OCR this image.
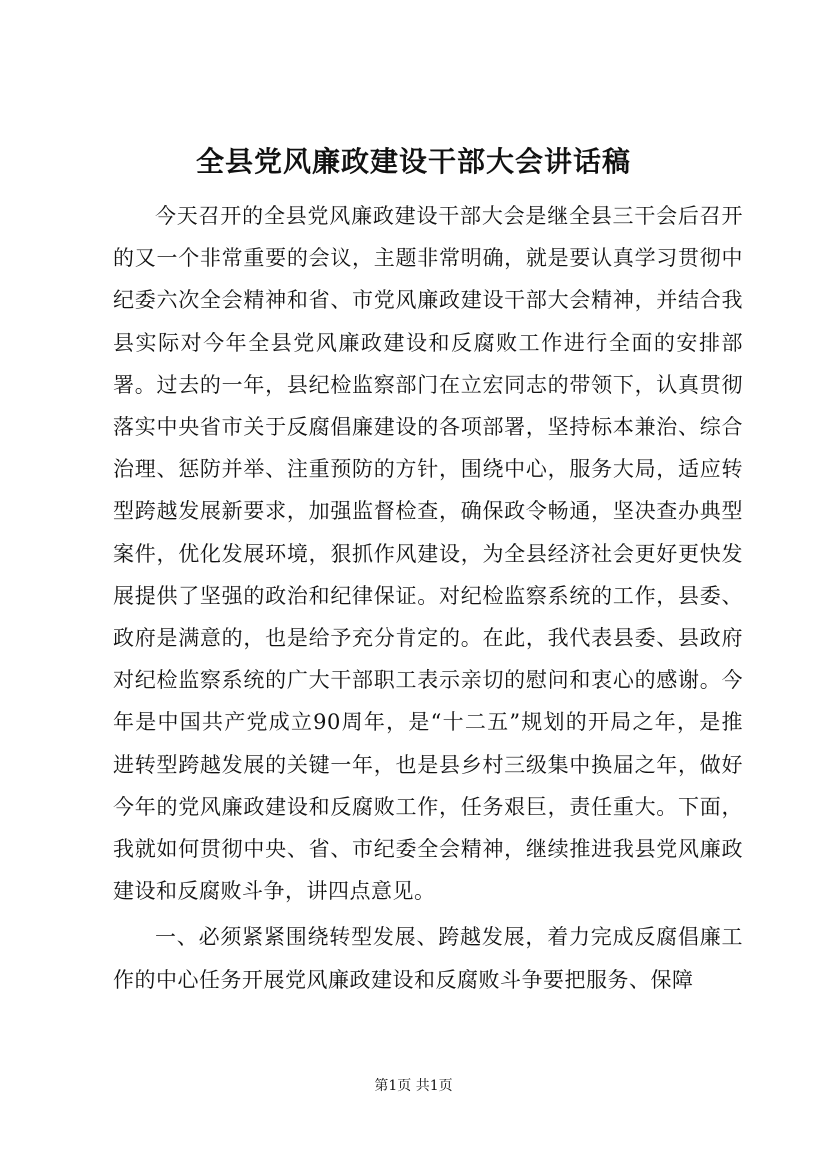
全县党风廉政建设干部大会讲话稿

今天召开的全县党风廉政建设干部大会是继全县三干会后召开的又一个非常重要的会议，主题非常明确，就是要认真学习贯彻中纪委六次全会精神和省、市党风廉政建设干部大会精神，并结合我县实际对今年全县党风廉政建设和反腐败工作进行全面的安排部署。过去的一年，县纪检监察部门在立宏同志的带领下，认真贯彻落实中央省市关于反腐倡廉建设的各项部署，坚持标本兼治、综合治理、惩防并举、注重预防的方针，围绕中心，服务大局，适应转型跨越发展新要求，加强监督检查，确保政令畅通，坚决查办典型案件，优化发展环境，狠抓作风建设，为全县经济社会更好更快发展提供了坚强的政治和纪律保证。对纪检监察系统的工作，县委、政府是满意的，也是给予充分肯定的。在此，我代表县委、县政府对纪检监察系统的广大干部职工表示亲切的慰问和衷心的感谢。今年是中国共产党成立90周年，是“十二五”规划的开局之年，是推进转型跨越发展的关键一年，也是县乡村三级集中换届之年，做好今年的党风廉政建设和反腐败工作，任务艰巨，责任重大。下面，我就如何贯彻中央、省、市纪委全会精神，继续推进我县党风廉政建设和反腐败斗争，讲四点意见。

一、必须紧紧围绕转型发展、跨越发展，着力完成反腐倡廉工作的中心任务开展党风廉政建设和反腐败斗争要把服务、保障

第1页 共1页
